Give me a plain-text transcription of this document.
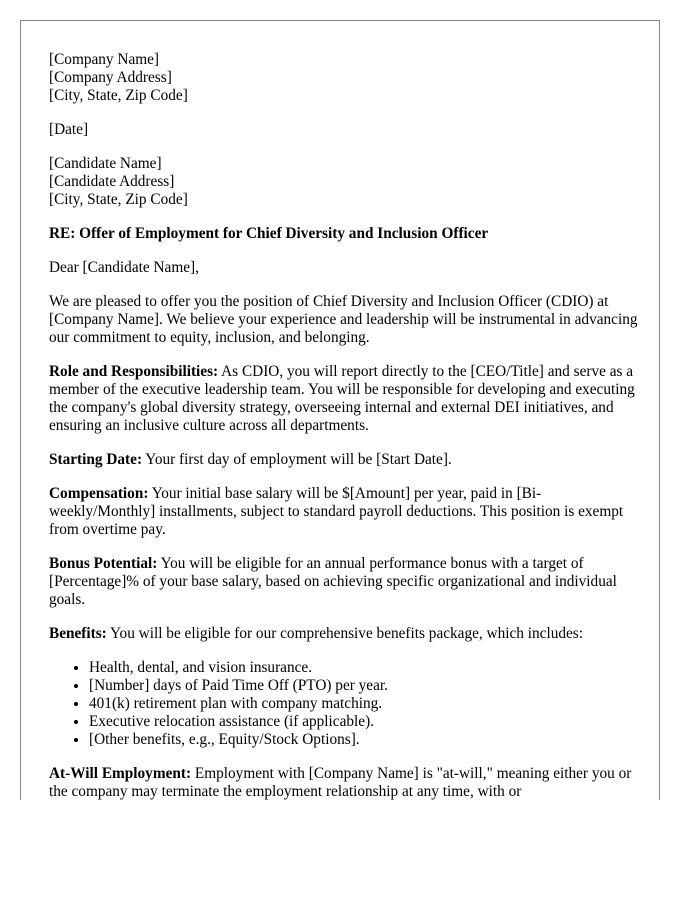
[Company Name]
[Company Address]
[City, State, Zip Code]
[Date]
[Candidate Name]
[Candidate Address]
[City, State, Zip Code]

RE: Offer of Employment for Chief Diversity and Inclusion Officer

Dear [Candidate Name],

We are pleased to offer you the position of Chief Diversity and Inclusion Officer (CDIO) at [Company Name]. We believe your experience and leadership will be instrumental in advancing our commitment to equity, inclusion, and belonging.

Role and Responsibilities: As CDIO, you will report directly to the [CEO/Title] and serve as a member of the executive leadership team. You will be responsible for developing and executing the company's global diversity strategy, overseeing internal and external DEI initiatives, and ensuring an inclusive culture across all departments.

Starting Date: Your first day of employment will be [Start Date].

Compensation: Your initial base salary will be $[Amount] per year, paid in [Bi-weekly/Monthly] installments, subject to standard payroll deductions. This position is exempt from overtime pay.

Bonus Potential: You will be eligible for an annual performance bonus with a target of [Percentage]% of your base salary, based on achieving specific organizational and individual goals.

Benefits: You will be eligible for our comprehensive benefits package, which includes:

• Health, dental, and vision insurance.
• [Number] days of Paid Time Off (PTO) per year.
• 401(k) retirement plan with company matching.
• Executive relocation assistance (if applicable).
• [Other benefits, e.g., Equity/Stock Options].

At-Will Employment: Employment with [Company Name] is "at-will," meaning either you or the company may terminate the employment relationship at any time, with or
